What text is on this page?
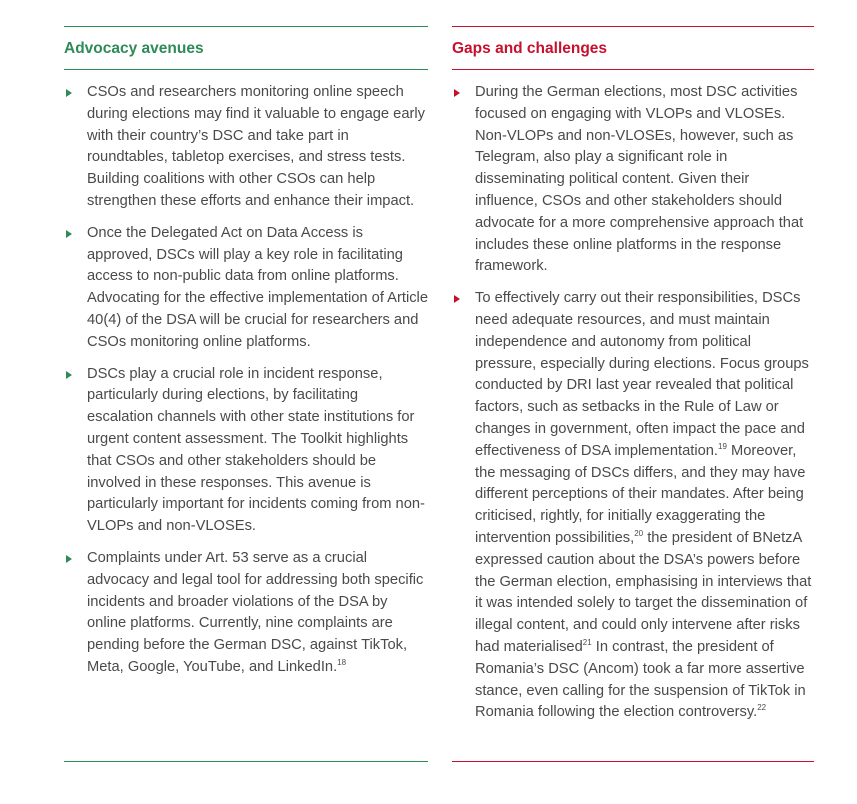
Advocacy avenues
CSOs and researchers monitoring online speech during elections may find it valuable to engage early with their country’s DSC and take part in roundtables, tabletop exercises, and stress tests. Building coalitions with other CSOs can help strengthen these efforts and enhance their impact.
Once the Delegated Act on Data Access is approved, DSCs will play a key role in facilitating access to non-public data from online platforms. Advocating for the effective implementation of Article 40(4) of the DSA will be crucial for researchers and CSOs monitoring online platforms.
DSCs play a crucial role in incident response, particularly during elections, by facilitating escalation channels with other state institutions for urgent content assessment. The Toolkit highlights that CSOs and other stakeholders should be involved in these responses. This avenue is particularly important for incidents coming from non-VLOPs and non-VLOSEs.
Complaints under Art. 53 serve as a crucial advocacy and legal tool for addressing both specific incidents and broader violations of the DSA by online platforms. Currently, nine complaints are pending before the German DSC, against TikTok, Meta, Google, YouTube, and LinkedIn.$^{18}$
Gaps and challenges
During the German elections, most DSC activities focused on engaging with VLOPs and VLOSEs. Non-VLOPs and non-VLOSEs, however, such as Telegram, also play a significant role in disseminating political content. Given their influence, CSOs and other stakeholders should advocate for a more comprehensive approach that includes these online platforms in the response framework.
To effectively carry out their responsibilities, DSCs need adequate resources, and must maintain independence and autonomy from political pressure, especially during elections. Focus groups conducted by DRI last year revealed that political factors, such as setbacks in the Rule of Law or changes in government, often impact the pace and effectiveness of DSA implementation.$^{19}$ Moreover, the messaging of DSCs differs, and they may have different perceptions of their mandates. After being criticised, rightly, for initially exaggerating the intervention possibilities,$^{20}$ the president of BNetzA expressed caution about the DSA’s powers before the German election, emphasising in interviews that it was intended solely to target the dissemination of illegal content, and could only intervene after risks had materialised$^{21}$ In contrast, the president of Romania’s DSC (Ancom) took a far more assertive stance, even calling for the suspension of TikTok in Romania following the election controversy.$^{22}$
